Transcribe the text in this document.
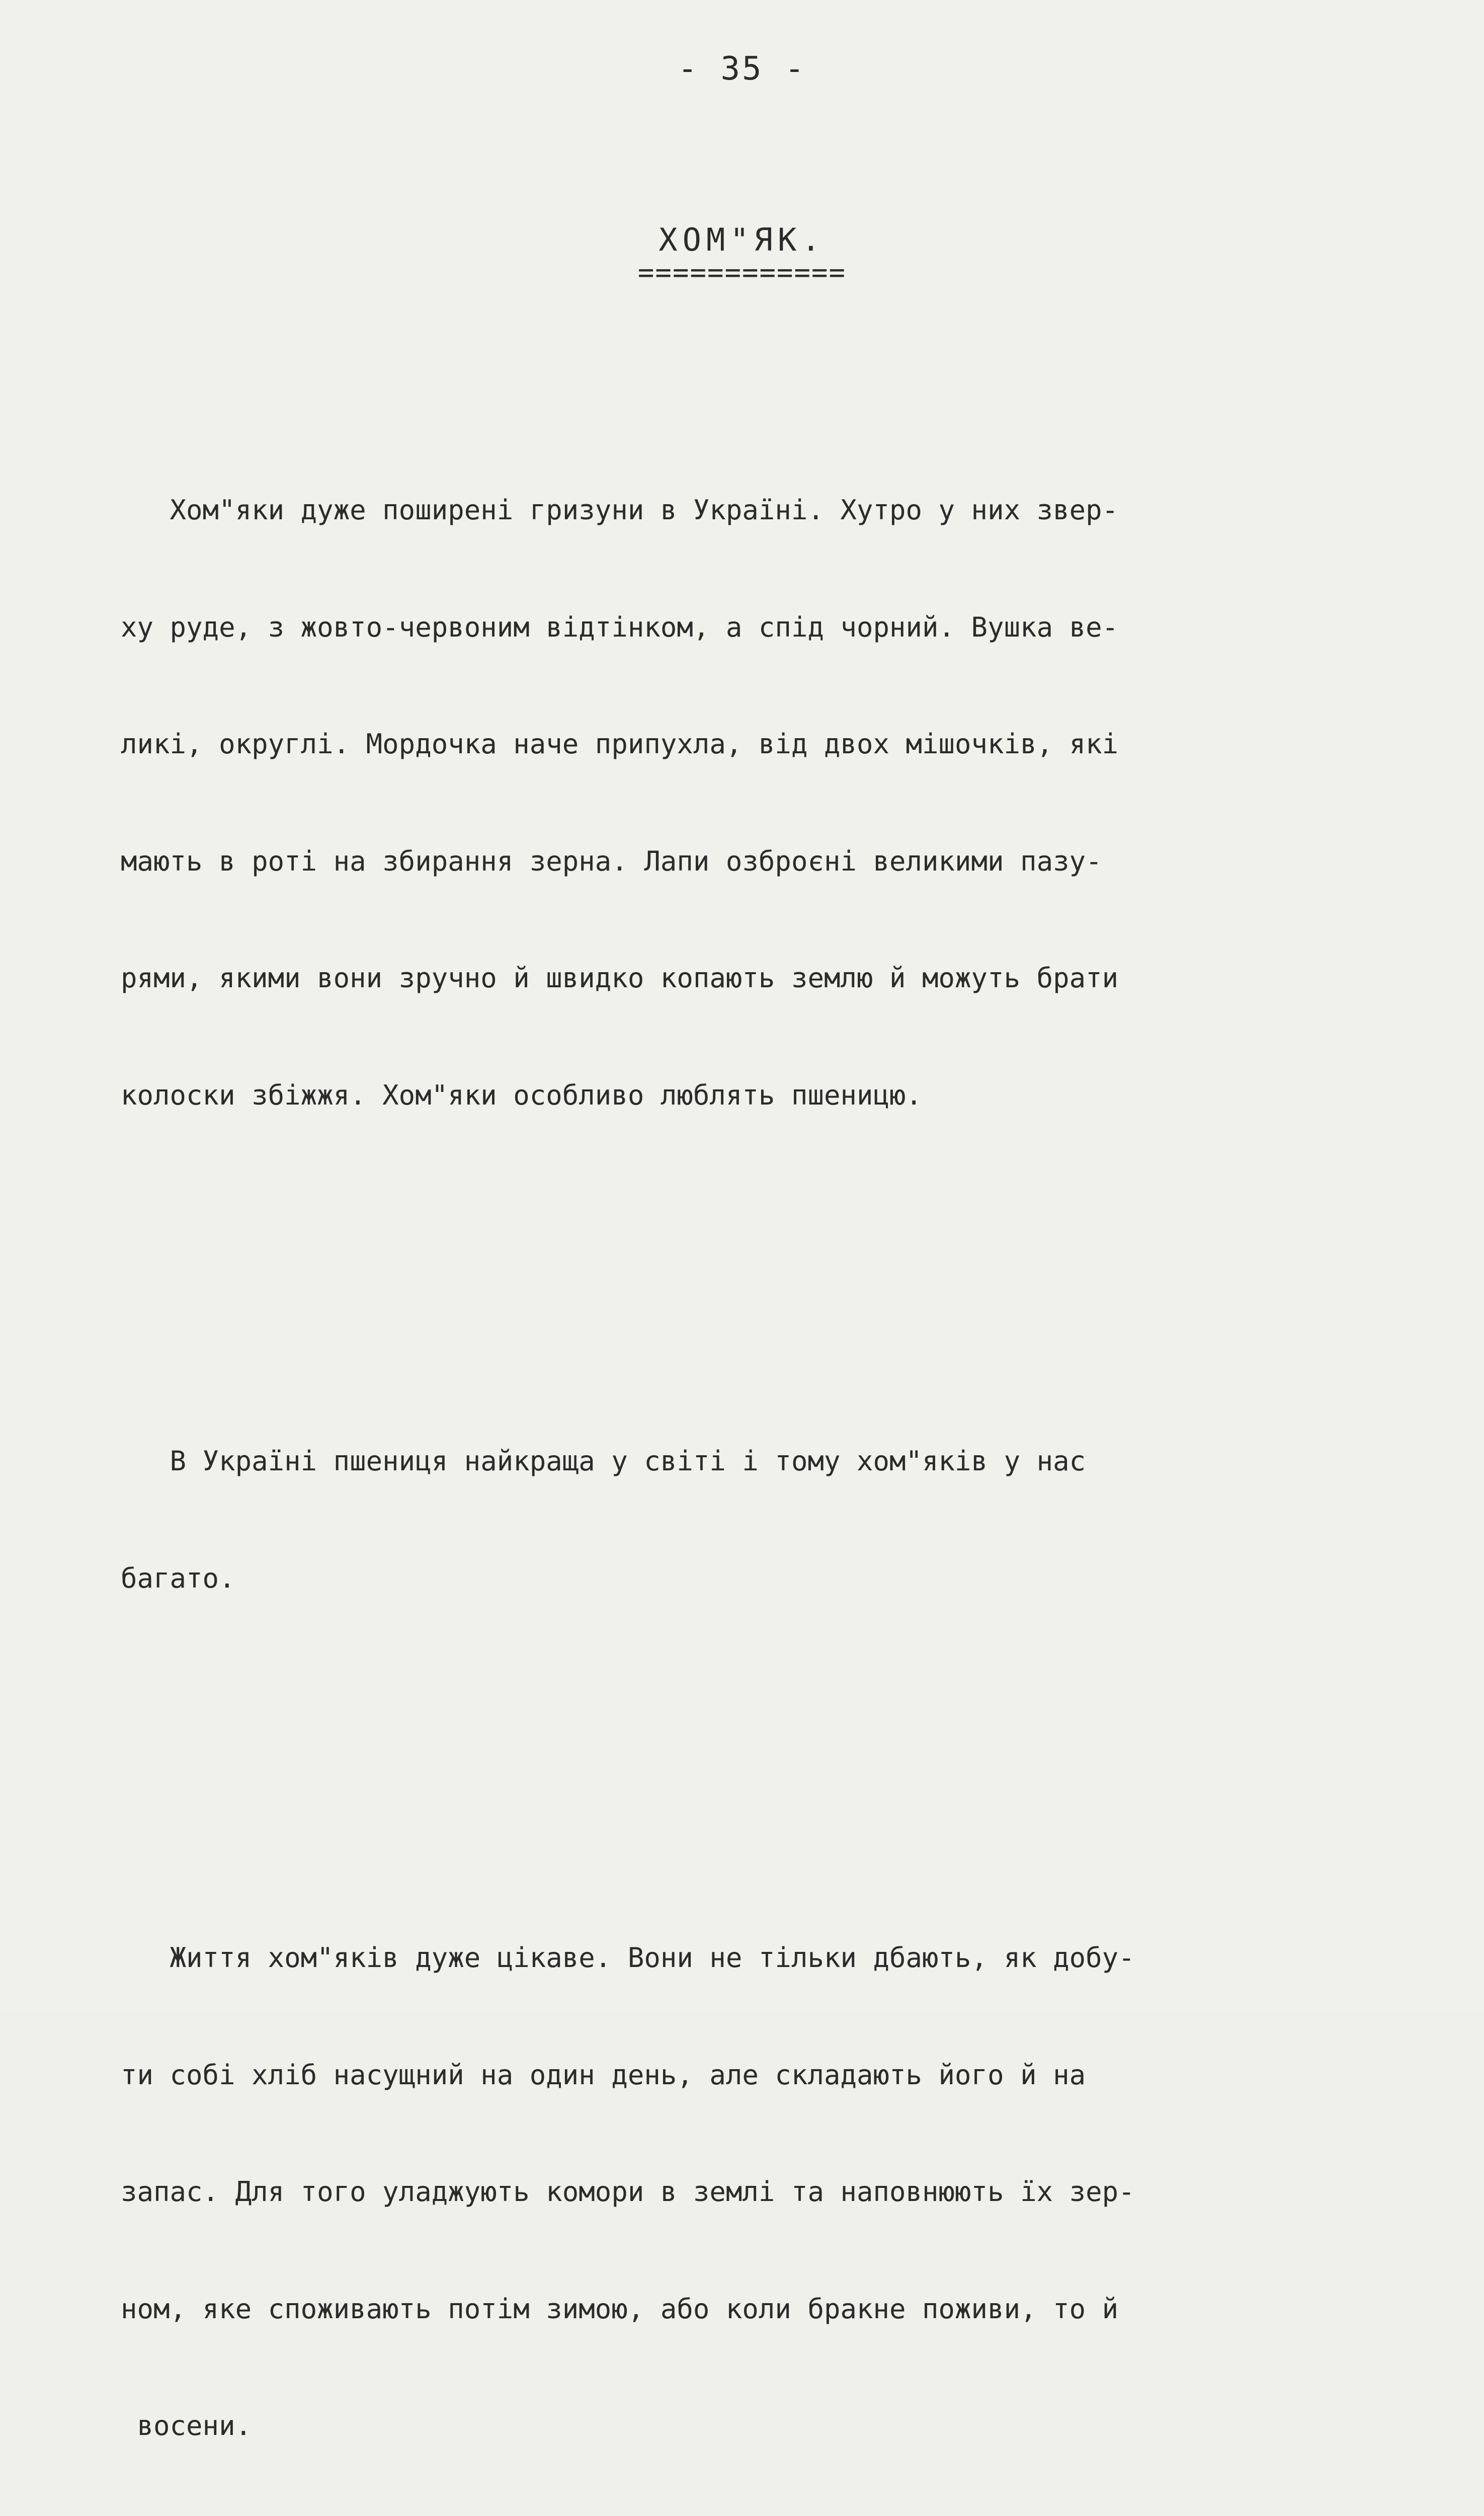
- 35 -
ХОМ"ЯК.
============

Хом"яки дуже поширені гризуни в Україні. Хутро у них звер-

ху руде, з жовто-червоним відтінком, а спід чорний. Вушка ве-

ликі, округлі. Мордочка наче припухла, від двох мішочків, які

мають в роті на збирання зерна. Лапи озброєні великими пазу-

рями, якими вони зручно й швидко копають землю й можуть брати

колоски збіжжя. Хом"яки особливо люблять пшеницю.

В Україні пшениця найкраща у світі і тому хом"яків у нас

багато.

Життя хом"яків дуже цікаве. Вони не тільки дбають, як добу-

ти собі хліб насущний на один день, але складають його й на

запас. Для того уладжують комори в землі та наповнюють їх зер-

ном, яке споживають потім зимою, або коли бракне поживи, то й

восени.
